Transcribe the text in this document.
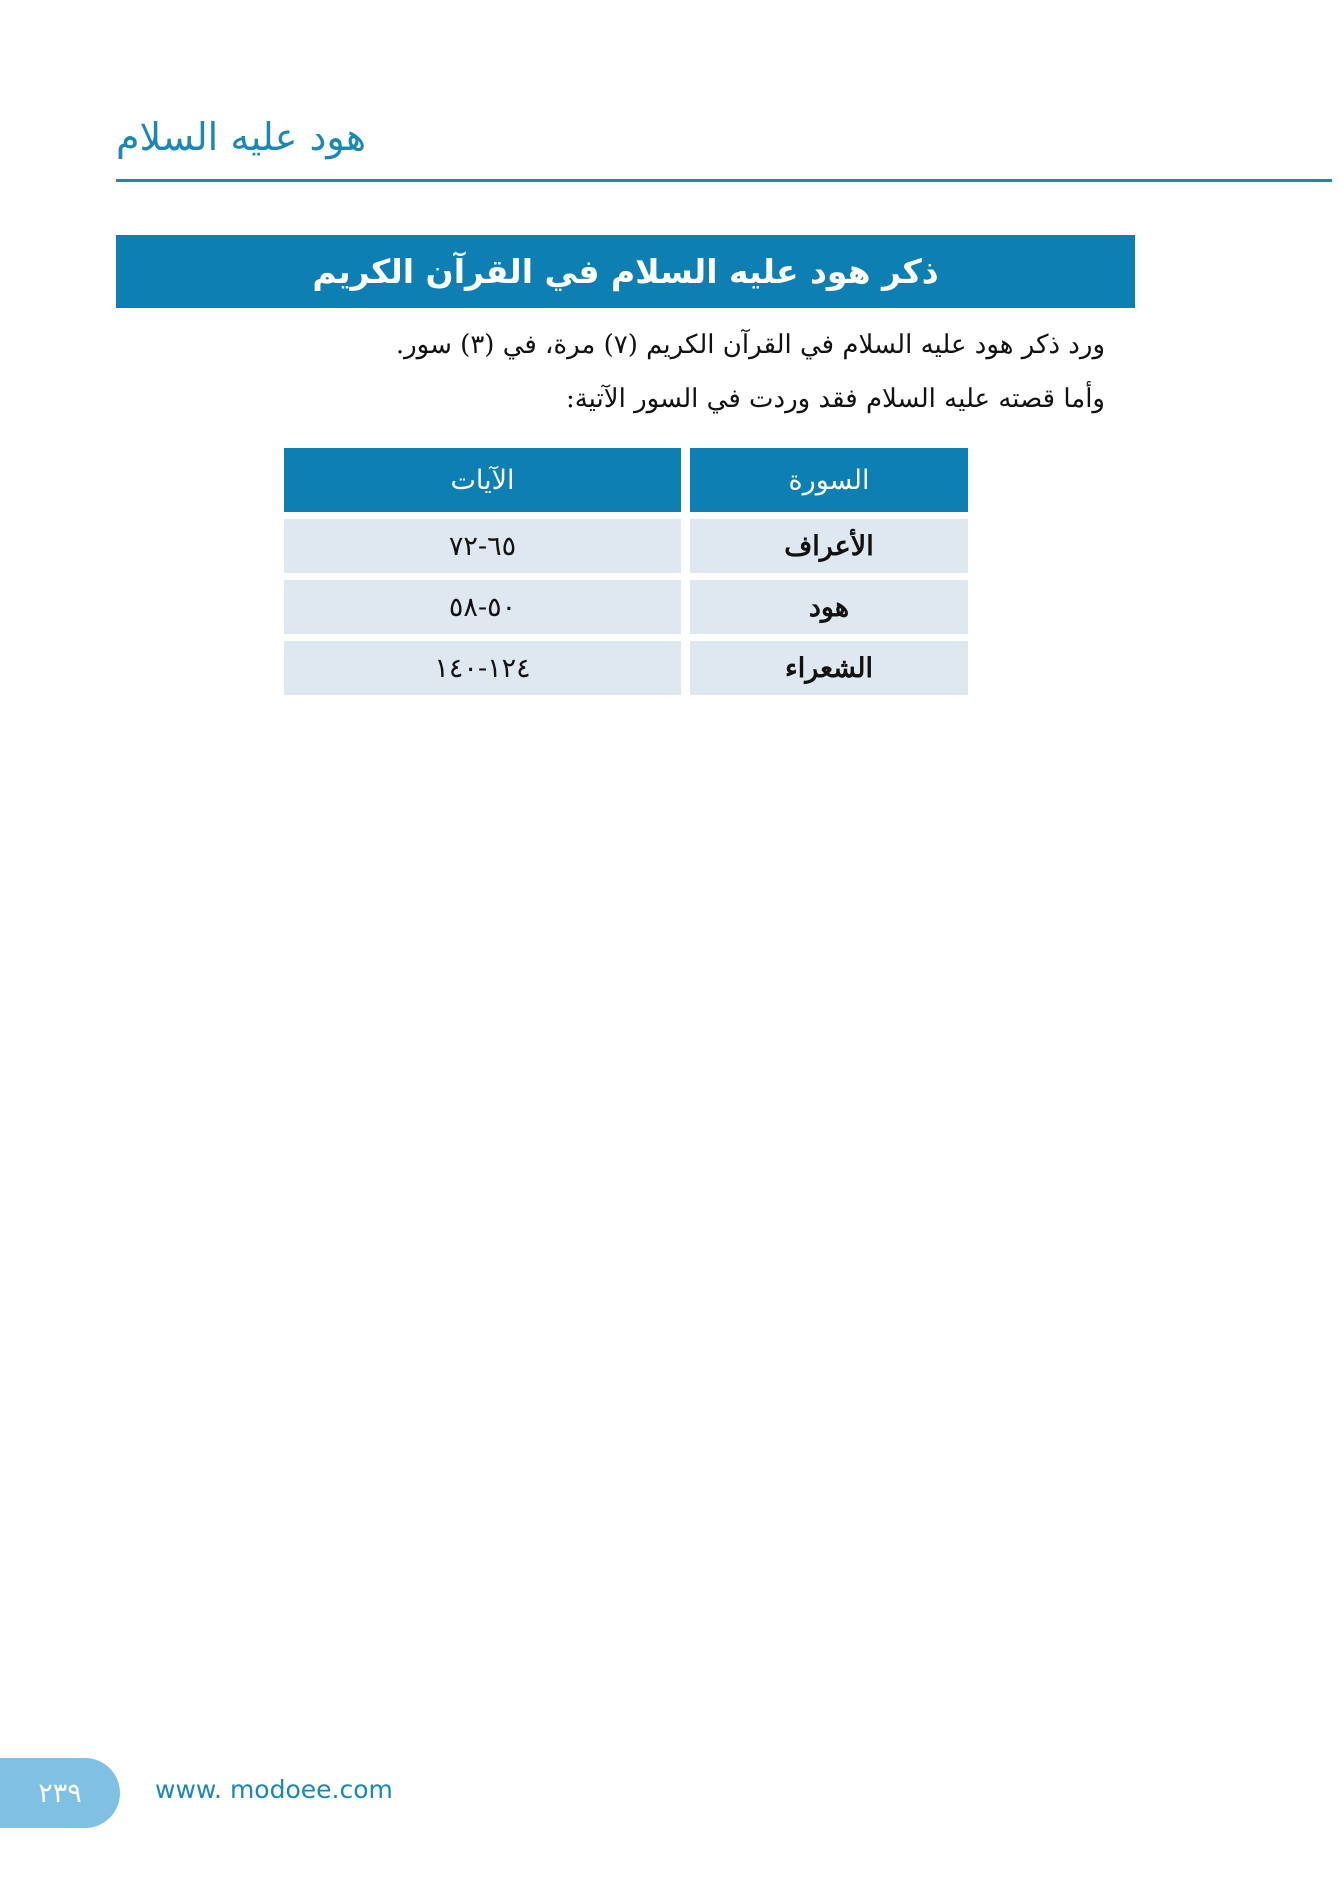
هود عليه السلام
ذكر هود عليه السلام في القرآن الكريم

ورد ذكر هود عليه السلام في القرآن الكريم (٧) مرة، في (٣) سور.

وأما قصته عليه السلام فقد وردت في السور الآتية:

السورة
الآيات
الأعراف
٦٥-٧٢
هود
٥٠-٥٨
الشعراء
١٢٤-١٤٠
٢٣٩	www. modoee.com
